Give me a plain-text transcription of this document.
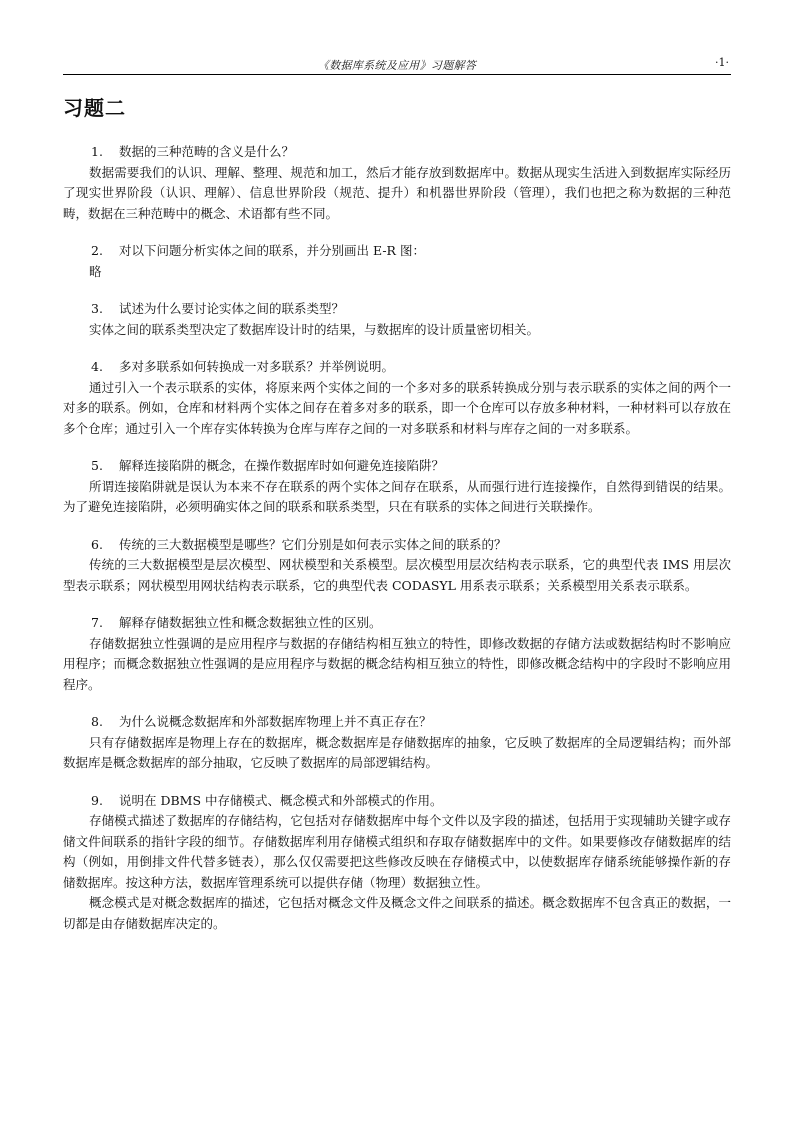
《数据库系统及应用》习题解答	·1·
习题二
1. 数据的三种范畴的含义是什么？
数据需要我们的认识、理解、整理、规范和加工，然后才能存放到数据库中。数据从现实生活进入到数据库实际经历了现实世界阶段（认识、理解）、信息世界阶段（规范、提升）和机器世界阶段（管理），我们也把之称为数据的三种范畴，数据在三种范畴中的概念、术语都有些不同。
2. 对以下问题分析实体之间的联系，并分别画出 E-R 图：
略
3. 试述为什么要讨论实体之间的联系类型？
实体之间的联系类型决定了数据库设计时的结果，与数据库的设计质量密切相关。
4. 多对多联系如何转换成一对多联系？并举例说明。
通过引入一个表示联系的实体，将原来两个实体之间的一个多对多的联系转换成分别与表示联系的实体之间的两个一对多的联系。例如，仓库和材料两个实体之间存在着多对多的联系，即一个仓库可以存放多种材料，一种材料可以存放在多个仓库；通过引入一个库存实体转换为仓库与库存之间的一对多联系和材料与库存之间的一对多联系。
5. 解释连接陷阱的概念，在操作数据库时如何避免连接陷阱？
所谓连接陷阱就是误认为本来不存在联系的两个实体之间存在联系，从而强行进行连接操作，自然得到错误的结果。为了避免连接陷阱，必须明确实体之间的联系和联系类型，只在有联系的实体之间进行关联操作。
6. 传统的三大数据模型是哪些？它们分别是如何表示实体之间的联系的？
传统的三大数据模型是层次模型、网状模型和关系模型。层次模型用层次结构表示联系，它的典型代表 IMS 用层次型表示联系；网状模型用网状结构表示联系，它的典型代表 CODASYL 用系表示联系；关系模型用关系表示联系。
7. 解释存储数据独立性和概念数据独立性的区别。
存储数据独立性强调的是应用程序与数据的存储结构相互独立的特性，即修改数据的存储方法或数据结构时不影响应用程序；而概念数据独立性强调的是应用程序与数据的概念结构相互独立的特性，即修改概念结构中的字段时不影响应用程序。
8. 为什么说概念数据库和外部数据库物理上并不真正存在？
只有存储数据库是物理上存在的数据库，概念数据库是存储数据库的抽象，它反映了数据库的全局逻辑结构；而外部数据库是概念数据库的部分抽取，它反映了数据库的局部逻辑结构。
9. 说明在 DBMS 中存储模式、概念模式和外部模式的作用。
存储模式描述了数据库的存储结构，它包括对存储数据库中每个文件以及字段的描述，包括用于实现辅助关键字或存储文件间联系的指针字段的细节。存储数据库利用存储模式组织和存取存储数据库中的文件。如果要修改存储数据库的结构（例如，用倒排文件代替多链表），那么仅仅需要把这些修改反映在存储模式中，以使数据库存储系统能够操作新的存储数据库。按这种方法，数据库管理系统可以提供存储（物理）数据独立性。
概念模式是对概念数据库的描述，它包括对概念文件及概念文件之间联系的描述。概念数据库不包含真正的数据，一切都是由存储数据库决定的。
